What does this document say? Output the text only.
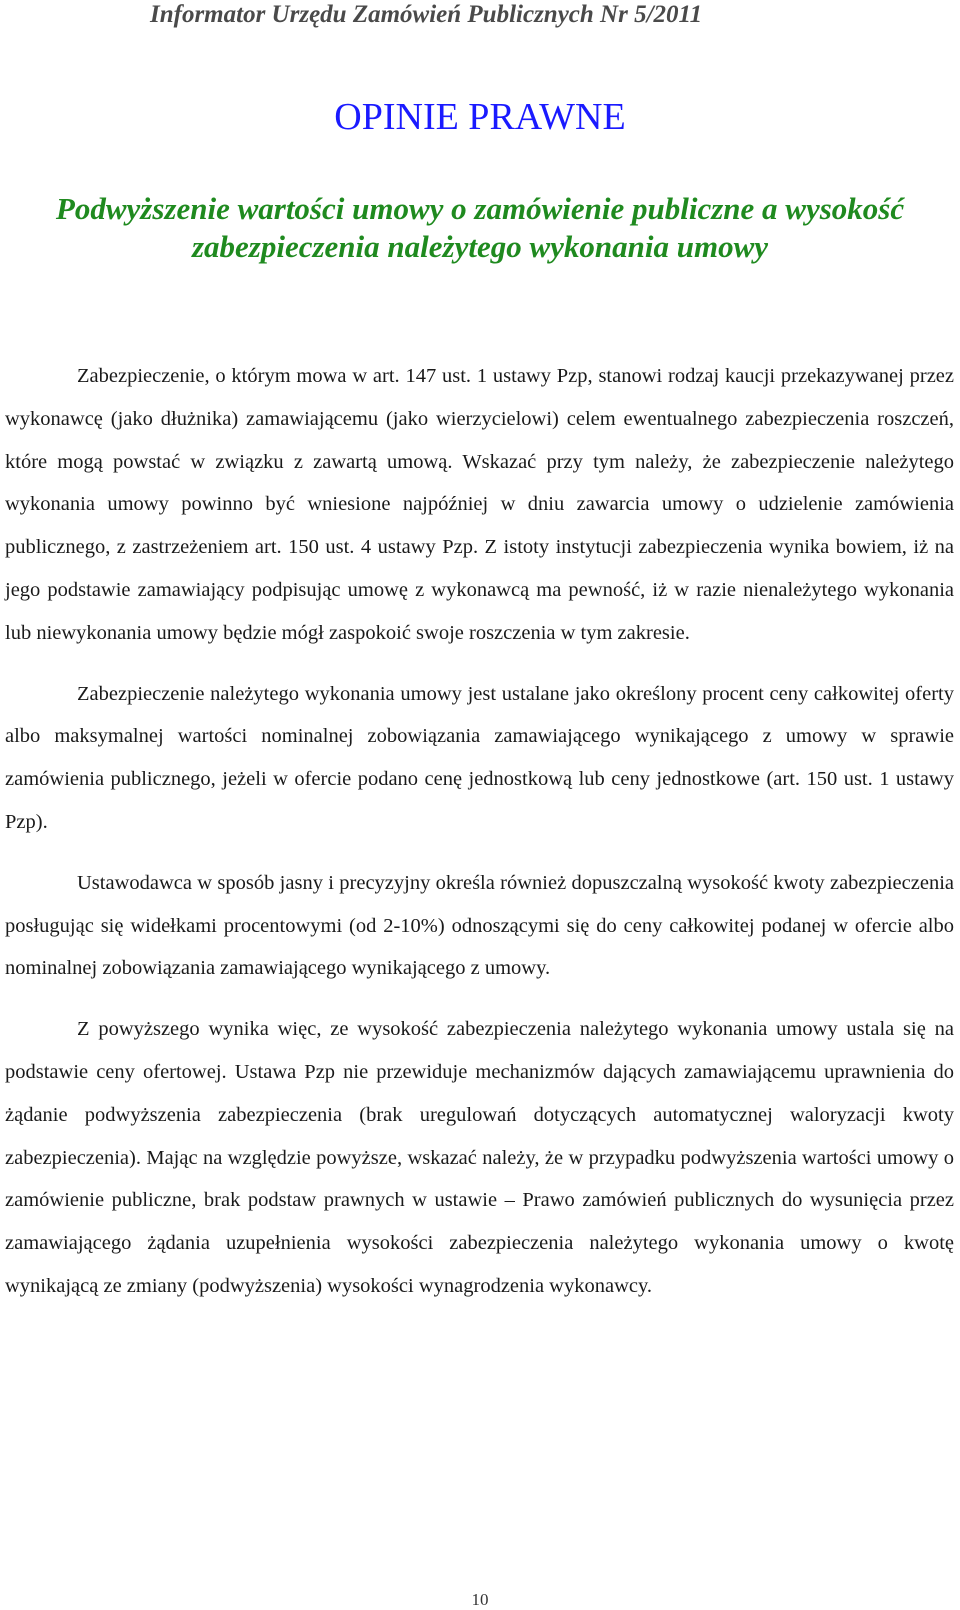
Informator Urzędu Zamówień Publicznych Nr 5/2011
OPINIE PRAWNE
Podwyższenie wartości umowy o zamówienie publiczne a wysokość
zabezpieczenia należytego wykonania umowy

Zabezpieczenie, o którym mowa w art. 147 ust. 1 ustawy Pzp, stanowi rodzaj kaucji przekazywanej przez wykonawcę (jako dłużnika) zamawiającemu (jako wierzycielowi) celem ewentualnego zabezpieczenia roszczeń, które mogą powstać w związku z zawartą umową. Wskazać przy tym należy, że zabezpieczenie należytego wykonania umowy powinno być wniesione najpóźniej w dniu zawarcia umowy o udzielenie zamówienia publicznego, z zastrzeżeniem art. 150 ust. 4 ustawy Pzp. Z istoty instytucji zabezpieczenia wynika bowiem, iż na jego podstawie zamawiający podpisując umowę z wykonawcą ma pewność, iż w razie nienależytego wykonania lub niewykonania umowy będzie mógł zaspokoić swoje roszczenia w tym zakresie.

Zabezpieczenie należytego wykonania umowy jest ustalane jako określony procent ceny całkowitej oferty albo maksymalnej wartości nominalnej zobowiązania zamawiającego wynikającego z umowy w sprawie zamówienia publicznego, jeżeli w ofercie podano cenę jednostkową lub ceny jednostkowe (art. 150 ust. 1 ustawy Pzp).

Ustawodawca w sposób jasny i precyzyjny określa również dopuszczalną wysokość kwoty zabezpieczenia posługując się widełkami procentowymi (od 2-10%) odnoszącymi się do ceny całkowitej podanej w ofercie albo nominalnej zobowiązania zamawiającego wynikającego z umowy.

Z powyższego wynika więc, ze wysokość zabezpieczenia należytego wykonania umowy ustala się na podstawie ceny ofertowej. Ustawa Pzp nie przewiduje mechanizmów dających zamawiającemu uprawnienia do żądanie podwyższenia zabezpieczenia (brak uregulowań dotyczących automatycznej waloryzacji kwoty zabezpieczenia). Mając na względzie powyższe, wskazać należy, że w przypadku podwyższenia wartości umowy o zamówienie publiczne, brak podstaw prawnych w ustawie – Prawo zamówień publicznych do wysunięcia przez zamawiającego żądania uzupełnienia wysokości zabezpieczenia należytego wykonania umowy o kwotę wynikającą ze zmiany (podwyższenia) wysokości wynagrodzenia wykonawcy.

10
